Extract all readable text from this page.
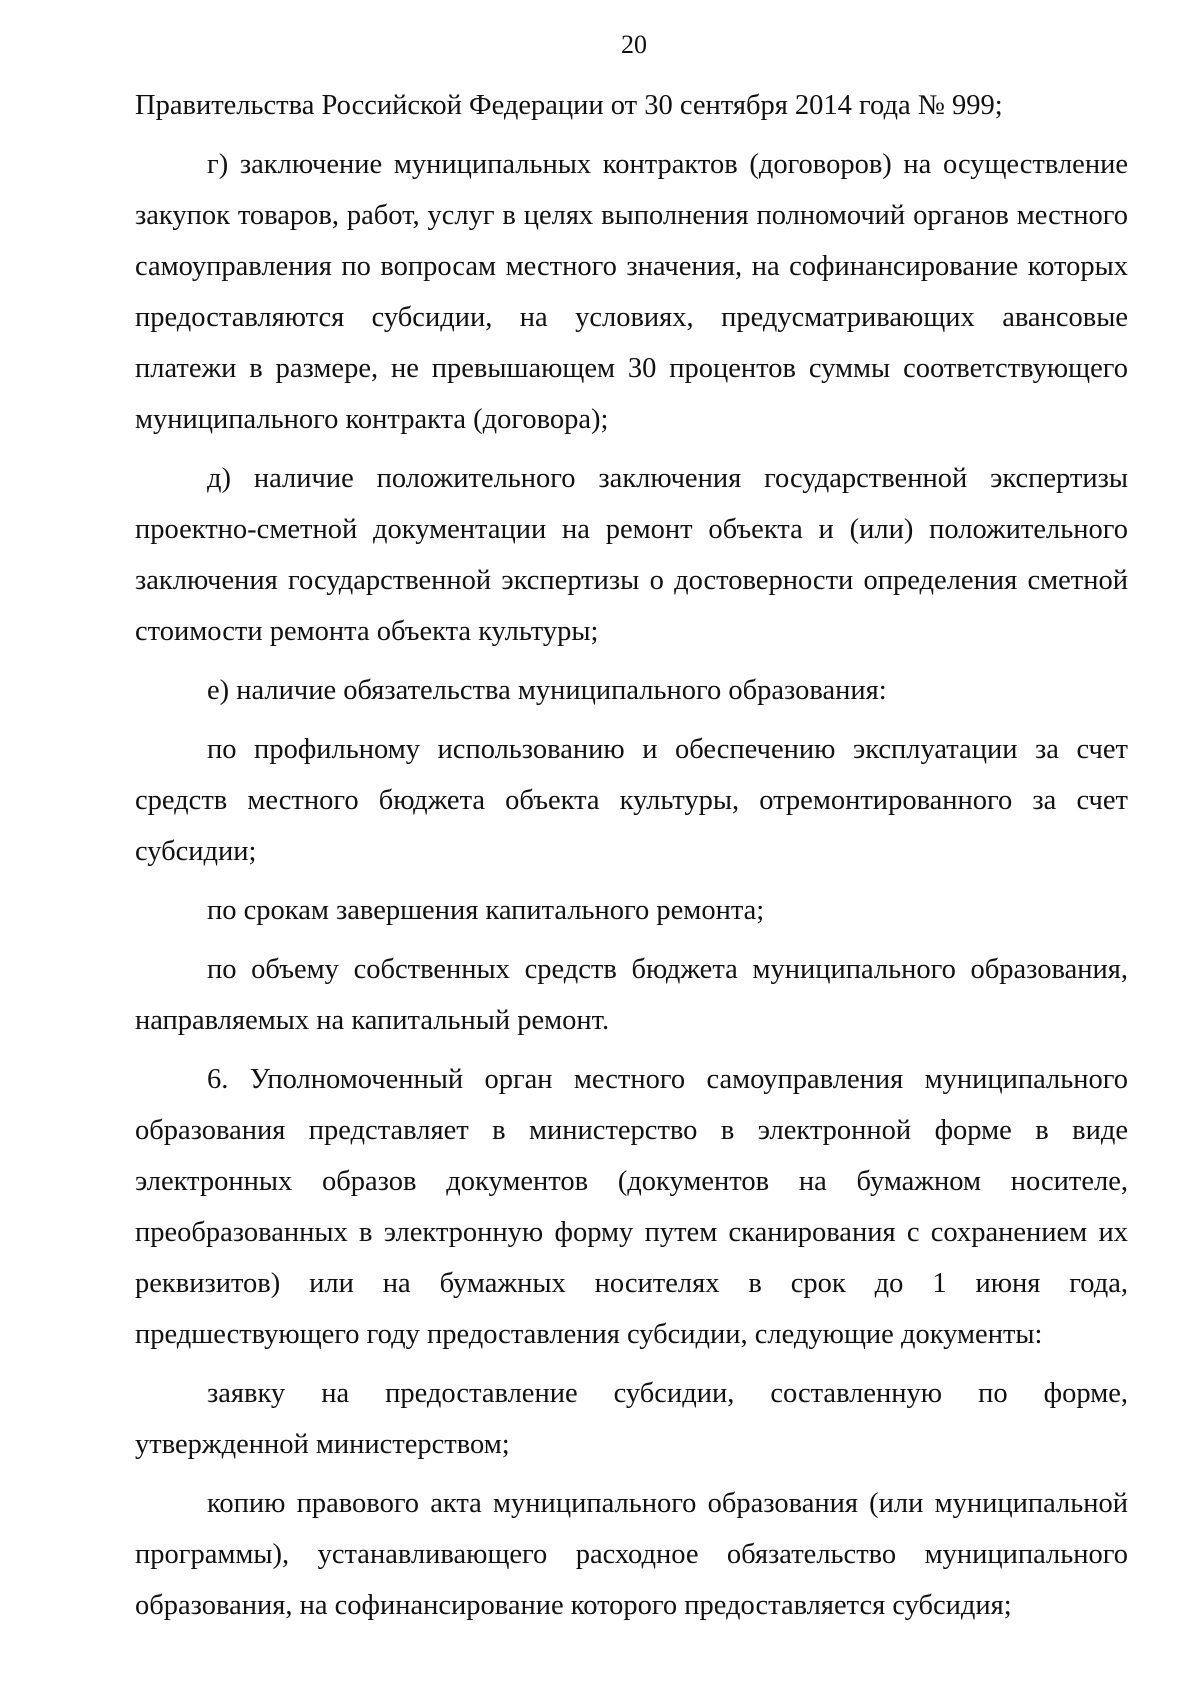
20

Правительства Российской Федерации от 30 сентября 2014 года № 999;

г) заключение муниципальных контрактов (договоров) на осуществление закупок товаров, работ, услуг в целях выполнения полномочий органов местного самоуправления по вопросам местного значения, на софинансирование которых предоставляются субсидии, на условиях, предусматривающих авансовые платежи в размере, не превышающем 30 процентов суммы соответствующего муниципального контракта (договора);

д) наличие положительного заключения государственной экспертизы проектно-сметной документации на ремонт объекта и (или) положительного заключения государственной экспертизы о достоверности определения сметной стоимости ремонта объекта культуры;

е) наличие обязательства муниципального образования:

по профильному использованию и обеспечению эксплуатации за счет средств местного бюджета объекта культуры, отремонтированного за счет субсидии;

по срокам завершения капитального ремонта;

по объему собственных средств бюджета муниципального образования, направляемых на капитальный ремонт.

6. Уполномоченный орган местного самоуправления муниципального образования представляет в министерство в электронной форме в виде электронных образов документов (документов на бумажном носителе, преобразованных в электронную форму путем сканирования с сохранением их реквизитов) или на бумажных носителях в срок до 1 июня года, предшествующего году предоставления субсидии, следующие документы:

заявку на предоставление субсидии, составленную по форме, утвержденной министерством;

копию правового акта муниципального образования (или муниципальной программы), устанавливающего расходное обязательство муниципального образования, на софинансирование которого предоставляется субсидия;
